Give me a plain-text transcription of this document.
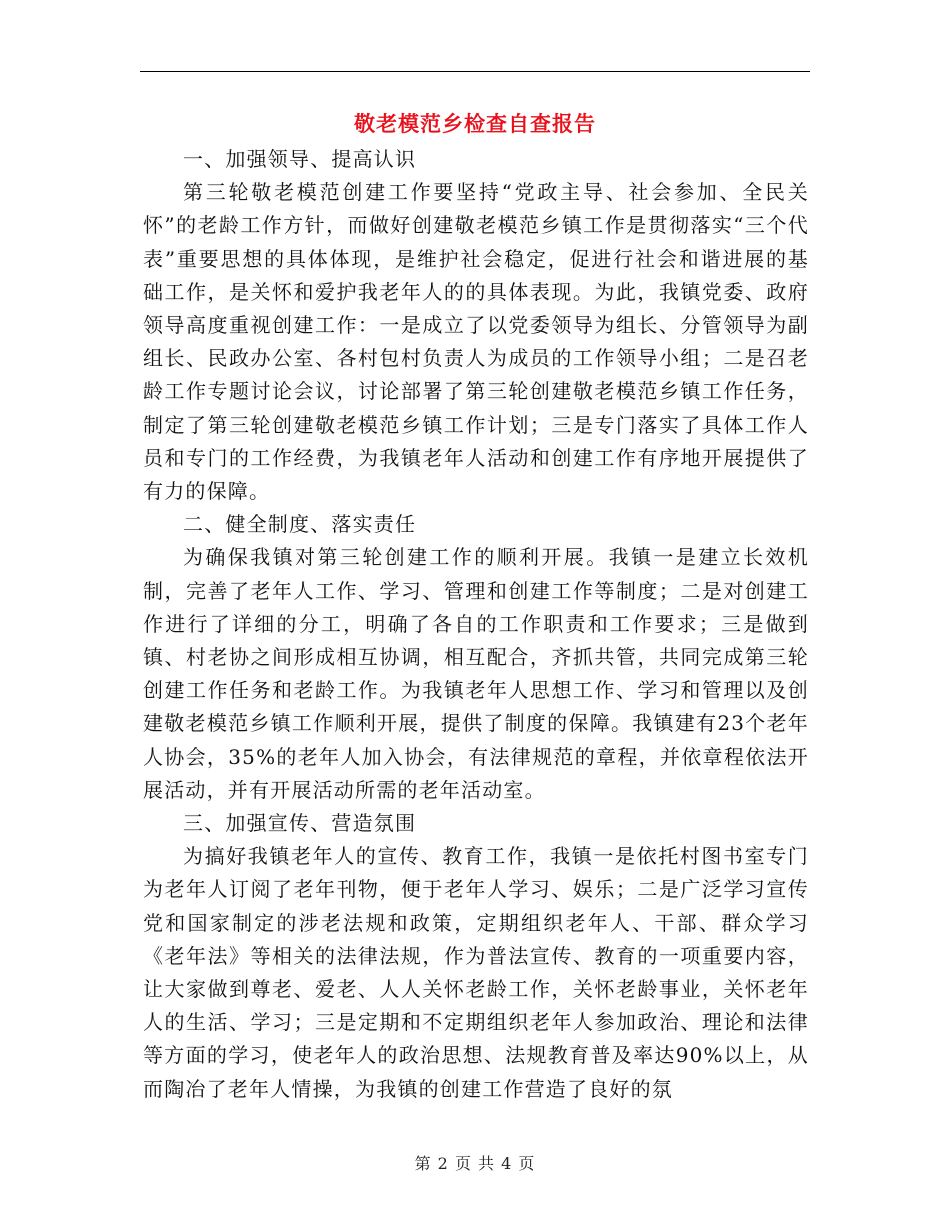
敬老模范乡检查自查报告

一、加强领导、提高认识

第三轮敬老模范创建工作要坚持“党政主导、社会参加、全民关怀”的老龄工作方针，而做好创建敬老模范乡镇工作是贯彻落实“三个代表”重要思想的具体体现，是维护社会稳定，促进行社会和谐进展的基础工作，是关怀和爱护我老年人的的具体表现。为此，我镇党委、政府领导高度重视创建工作：一是成立了以党委领导为组长、分管领导为副组长、民政办公室、各村包村负责人为成员的工作领导小组；二是召老龄工作专题讨论会议，讨论部署了第三轮创建敬老模范乡镇工作任务，制定了第三轮创建敬老模范乡镇工作计划；三是专门落实了具体工作人员和专门的工作经费，为我镇老年人活动和创建工作有序地开展提供了有力的保障。

二、健全制度、落实责任

为确保我镇对第三轮创建工作的顺利开展。我镇一是建立长效机制，完善了老年人工作、学习、管理和创建工作等制度；二是对创建工作进行了详细的分工，明确了各自的工作职责和工作要求；三是做到镇、村老协之间形成相互协调，相互配合，齐抓共管，共同完成第三轮创建工作任务和老龄工作。为我镇老年人思想工作、学习和管理以及创建敬老模范乡镇工作顺利开展，提供了制度的保障。我镇建有23个老年人协会，35%的老年人加入协会，有法律规范的章程，并依章程依法开展活动，并有开展活动所需的老年活动室。

三、加强宣传、营造氛围

为搞好我镇老年人的宣传、教育工作，我镇一是依托村图书室专门为老年人订阅了老年刊物，便于老年人学习、娱乐；二是广泛学习宣传党和国家制定的涉老法规和政策，定期组织老年人、干部、群众学习《老年法》等相关的法律法规，作为普法宣传、教育的一项重要内容，让大家做到尊老、爱老、人人关怀老龄工作，关怀老龄事业，关怀老年人的生活、学习；三是定期和不定期组织老年人参加政治、理论和法律等方面的学习，使老年人的政治思想、法规教育普及率达90%以上，从而陶冶了老年人情操，为我镇的创建工作营造了良好的氛

第 2 页 共 4 页
